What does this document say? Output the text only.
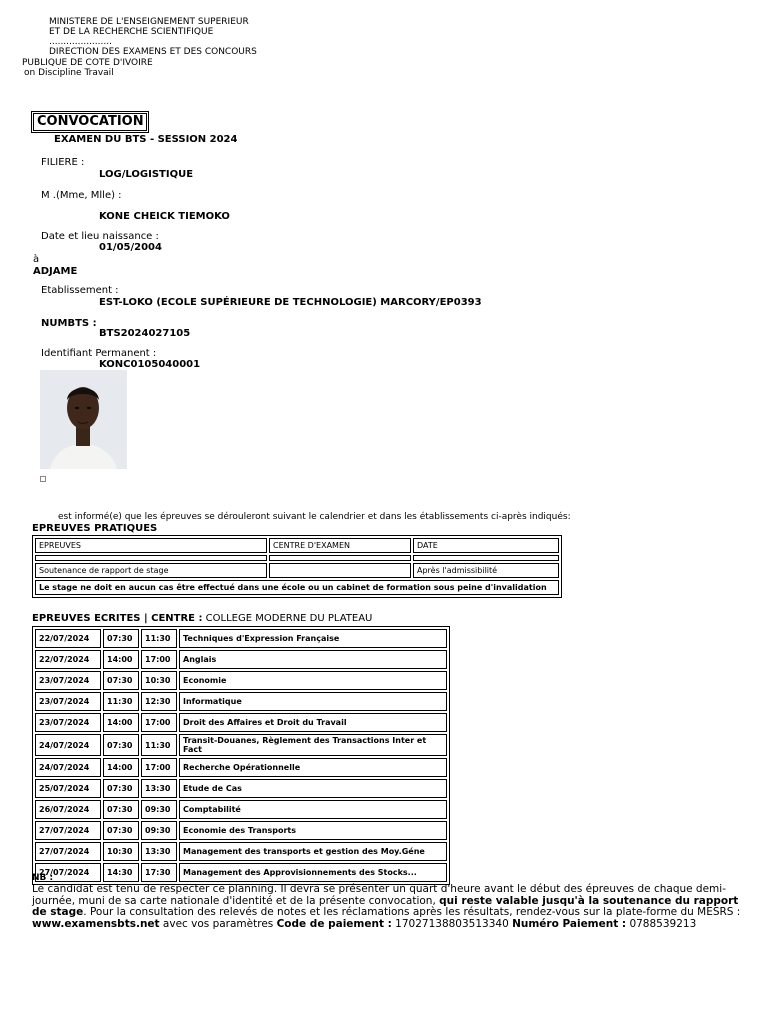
MINISTERE DE L'ENSEIGNEMENT SUPERIEUR
ET DE LA RECHERCHE SCIENTIFIQUE
......................
DIRECTION DES EXAMENS ET DES CONCOURS
PUBLIQUE DE COTE D'IVOIRE
on Discipline Travail
CONVOCATION
EXAMEN DU BTS - SESSION 2024
FILIERE :
LOG/LOGISTIQUE
M .(Mme, Mlle) :
KONE CHEICK TIEMOKO
Date et lieu naissance :
01/05/2004
à
ADJAME
Etablissement :
EST-LOKO (ECOLE SUPÉRIEURE DE TECHNOLOGIE) MARCORY/EP0393
NUMBTS :
BTS2024027105
Identifiant Permanent :
KONC0105040001
est informé(e) que les épreuves se dérouleront suivant le calendrier et dans les établissements ci-après indiqués:
EPREUVES PRATIQUES
EPREUVES	CENTRE D'EXAMEN	DATE

Soutenance de rapport de stage		Après l'admissibilité
Le stage ne doit en aucun cas être effectué dans une école ou un cabinet de formation sous peine d'invalidation		
EPREUVES ECRITES | CENTRE : COLLEGE MODERNE DU PLATEAU
22/07/2024	07:30	11:30	Techniques d'Expression Française
22/07/2024	14:00	17:00	Anglais
23/07/2024	07:30	10:30	Economie
23/07/2024	11:30	12:30	Informatique
23/07/2024	14:00	17:00	Droit des Affaires et Droit du Travail
24/07/2024	07:30	11:30	Transit-Douanes, Règlement des Transactions Inter et Fact
24/07/2024	14:00	17:00	Recherche Opérationnelle
25/07/2024	07:30	13:30	Etude de Cas
26/07/2024	07:30	09:30	Comptabilité
27/07/2024	07:30	09:30	Economie des Transports
27/07/2024	10:30	13:30	Management des transports et gestion des Moy.Géne
27/07/2024	14:30	17:30	Management des Approvisionnements des Stocks...
NB :
Le candidat est tenu de respecter ce planning. Il devra se présenter un quart d'heure avant le début des épreuves de chaque demi-journée, muni de sa carte nationale d'identité et de la présente convocation, qui reste valable jusqu'à la soutenance du rapport de stage. Pour la consultation des relevés de notes et les réclamations après les résultats, rendez-vous sur la plate-forme du MESRS :
www.examensbts.net avec vos paramètres Code de paiement : 17027138803513340 Numéro Paiement : 0788539213
